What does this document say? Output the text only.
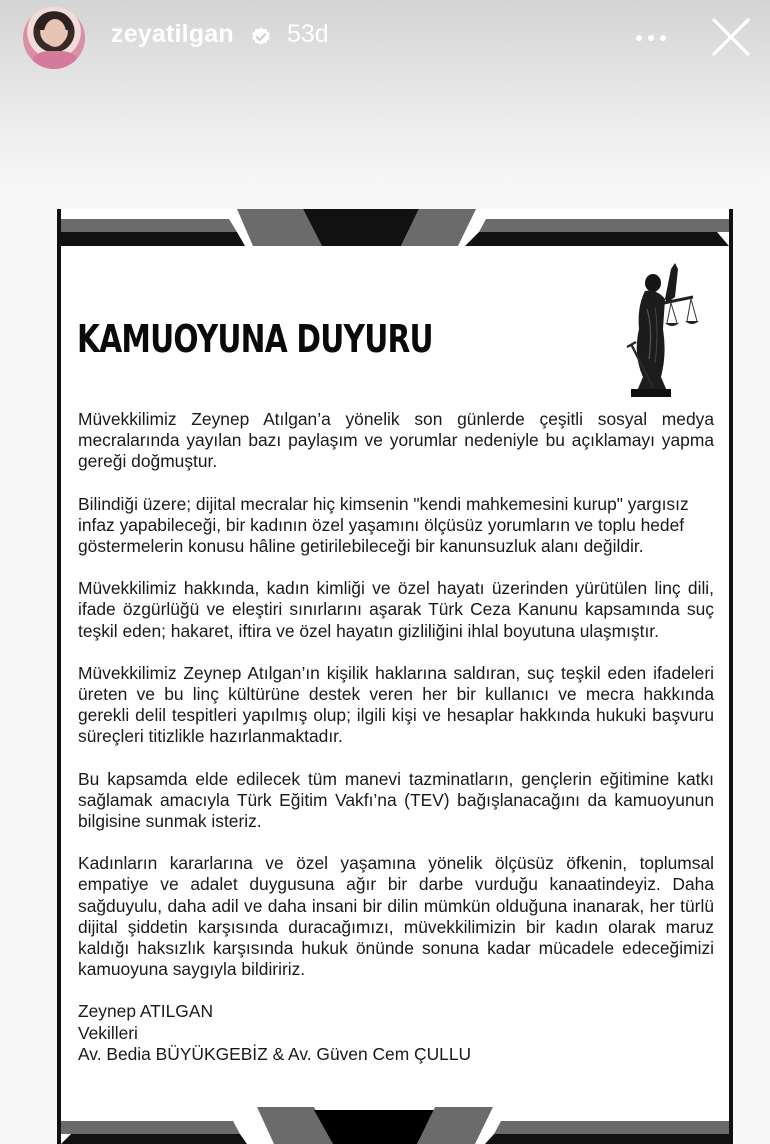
zeyatilgan 53d
KAMUOYUNA DUYURU

Müvekkilimiz Zeynep Atılgan’a yönelik son günlerde çeşitli sosyal medya mecralarında yayılan bazı paylaşım ve yorumlar nedeniyle bu açıklamayı yapma gereği doğmuştur.

Bilindiği üzere; dijital mecralar hiç kimsenin "kendi mahkemesini kurup" yargısız infaz yapabileceği, bir kadının özel yaşamını ölçüsüz yorumların ve toplu hedef göstermelerin konusu hâline getirilebileceği bir kanunsuzluk alanı değildir.

Müvekkilimiz hakkında, kadın kimliği ve özel hayatı üzerinden yürütülen linç dili, ifade özgürlüğü ve eleştiri sınırlarını aşarak Türk Ceza Kanunu kapsamında suç teşkil eden; hakaret, iftira ve özel hayatın gizliliğini ihlal boyutuna ulaşmıştır.

Müvekkilimiz Zeynep Atılgan’ın kişilik haklarına saldıran, suç teşkil eden ifadeleri üreten ve bu linç kültürüne destek veren her bir kullanıcı ve mecra hakkında gerekli delil tespitleri yapılmış olup; ilgili kişi ve hesaplar hakkında hukuki başvuru süreçleri titizlikle hazırlanmaktadır.

Bu kapsamda elde edilecek tüm manevi tazminatların, gençlerin eğitimine katkı sağlamak amacıyla Türk Eğitim Vakfı’na (TEV) bağışlanacağını da kamuoyunun bilgisine sunmak isteriz.

Kadınların kararlarına ve özel yaşamına yönelik ölçüsüz öfkenin, toplumsal empatiye ve adalet duygusuna ağır bir darbe vurduğu kanaatindeyiz. Daha sağduyulu, daha adil ve daha insani bir dilin mümkün olduğuna inanarak, her türlü dijital şiddetin karşısında duracağımızı, müvekkilimizin bir kadın olarak maruz kaldığı haksızlık karşısında hukuk önünde sonuna kadar mücadele edeceğimizi kamuoyuna saygıyla bildiririz.

Zeynep ATILGAN
Vekilleri
Av. Bedia BÜYÜKGEBİZ & Av. Güven Cem ÇULLU
